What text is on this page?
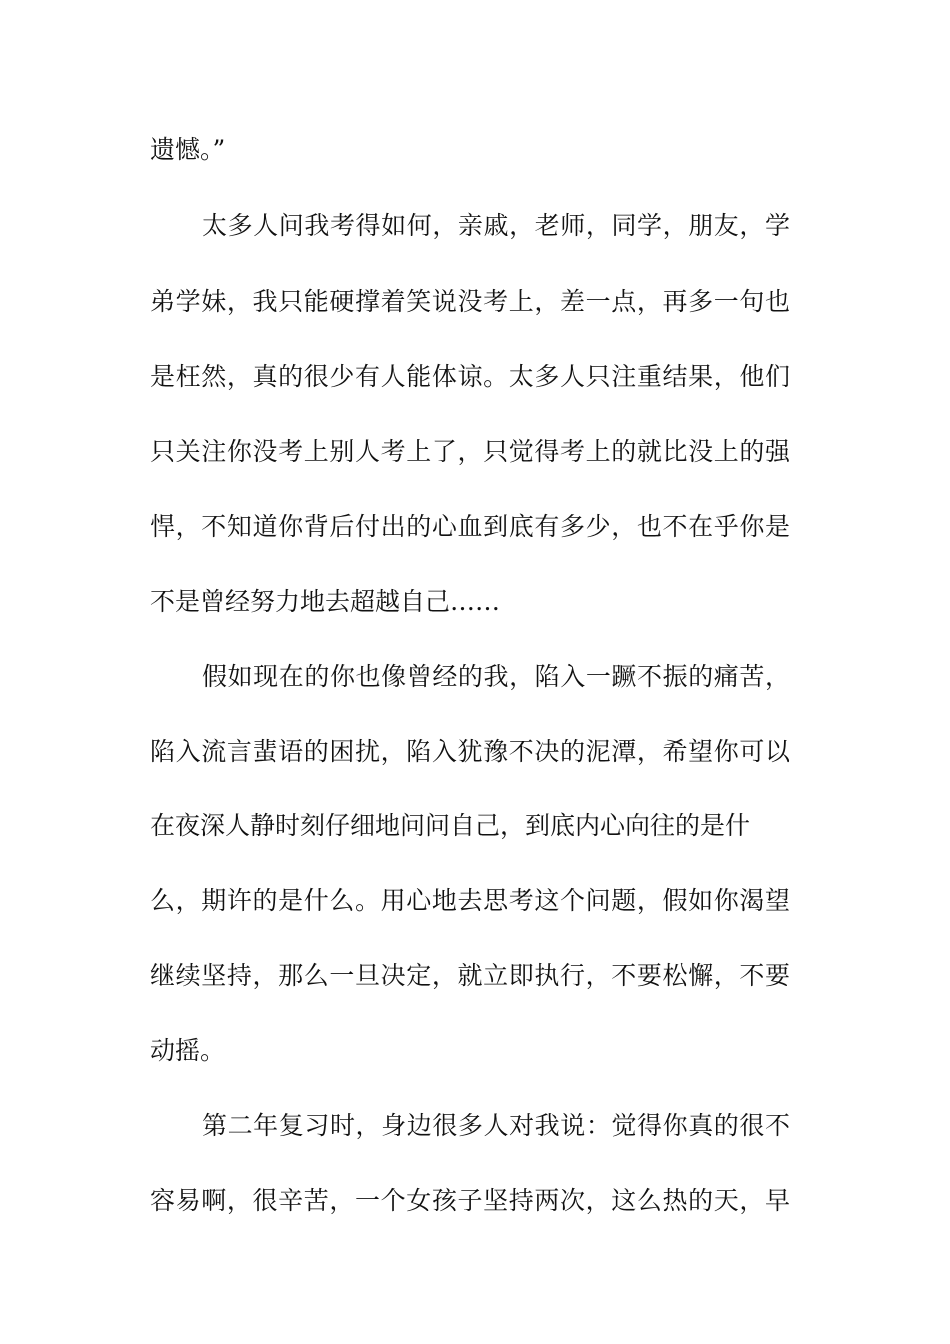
遗憾。”
太多人问我考得如何，亲戚，老师，同学，朋友，学
弟学妹，我只能硬撑着笑说没考上，差一点，再多一句也
是枉然，真的很少有人能体谅。太多人只注重结果，他们
只关注你没考上别人考上了，只觉得考上的就比没上的强
悍，不知道你背后付出的心血到底有多少，也不在乎你是
不是曾经努力地去超越自己……
假如现在的你也像曾经的我，陷入一蹶不振的痛苦，
陷入流言蜚语的困扰，陷入犹豫不决的泥潭，希望你可以
在夜深人静时刻仔细地问问自己，到底内心向往的是什
么，期许的是什么。用心地去思考这个问题，假如你渴望
继续坚持，那么一旦决定，就立即执行，不要松懈，不要
动摇。
第二年复习时，身边很多人对我说：觉得你真的很不
容易啊，很辛苦，一个女孩子坚持两次，这么热的天，早
